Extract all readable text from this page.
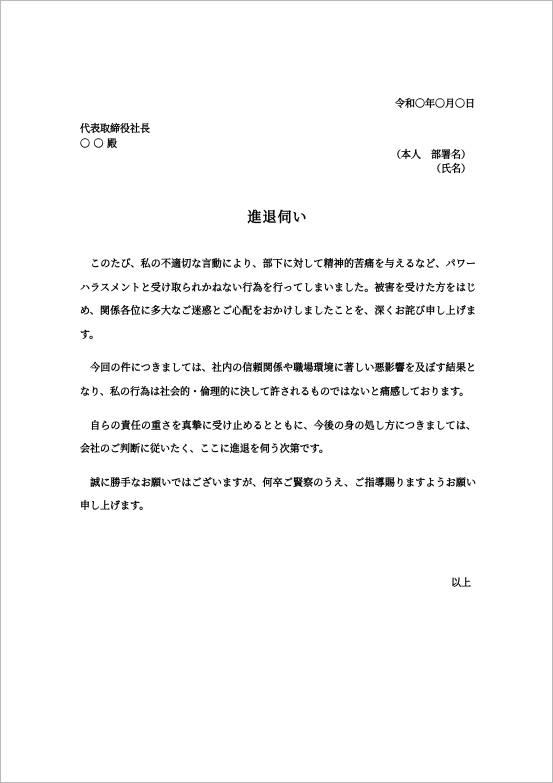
令和〇年〇月〇日
代表取締役社長
〇 〇 殿
（本人　部署名）
（氏名）
進退伺い

　このたび、私の不適切な言動により、部下に対して精神的苦痛を与えるなど、パワーハラスメントと受け取られかねない行為を行ってしまいました。被害を受けた方をはじめ、関係各位に多大なご迷惑とご心配をおかけしましたことを、深くお詫び申し上げます。

　今回の件につきましては、社内の信頼関係や職場環境に著しい悪影響を及ぼす結果となり、私の行為は社会的・倫理的に決して許されるものではないと痛感しております。

　自らの責任の重さを真摯に受け止めるとともに、今後の身の処し方につきましては、会社のご判断に従いたく、ここに進退を伺う次第です。

　誠に勝手なお願いではございますが、何卒ご賢察のうえ、ご指導賜りますようお願い申し上げます。

以上
